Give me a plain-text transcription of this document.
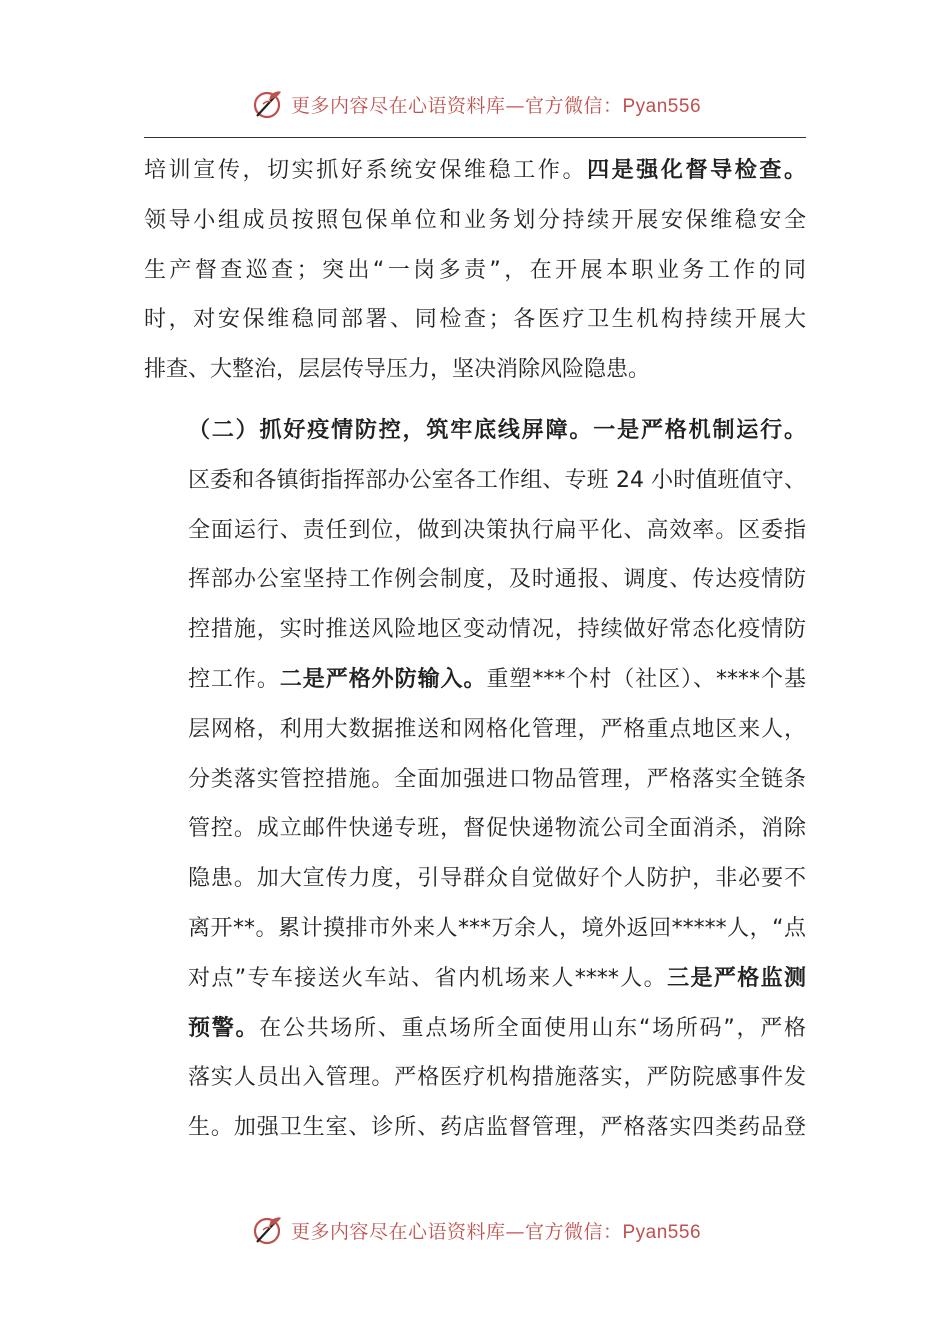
更多内容尽在心语资料库—官方微信：Pyan556
培训宣传，切实抓好系统安保维稳工作。四是强化督导检查。
领导小组成员按照包保单位和业务划分持续开展安保维稳安全
生产督查巡查；突出“一岗多责”，在开展本职业务工作的同
时，对安保维稳同部署、同检查；各医疗卫生机构持续开展大
排查、大整治，层层传导压力，坚决消除风险隐患。
（二）抓好疫情防控，筑牢底线屏障。一是严格机制运行。
区委和各镇街指挥部办公室各工作组、专班 24 小时值班值守、
全面运行、责任到位，做到决策执行扁平化、高效率。区委指
挥部办公室坚持工作例会制度，及时通报、调度、传达疫情防
控措施，实时推送风险地区变动情况，持续做好常态化疫情防
控工作。二是严格外防输入。重塑***个村（社区）、****个基
层网格，利用大数据推送和网格化管理，严格重点地区来人，
分类落实管控措施。全面加强进口物品管理，严格落实全链条
管控。成立邮件快递专班，督促快递物流公司全面消杀，消除
隐患。加大宣传力度，引导群众自觉做好个人防护，非必要不
离开**。累计摸排市外来人***万余人，境外返回*****人，“点
对点”专车接送火车站、省内机场来人****人。三是严格监测
预警。在公共场所、重点场所全面使用山东“场所码”，严格
落实人员出入管理。严格医疗机构措施落实，严防院感事件发
生。加强卫生室、诊所、药店监督管理，严格落实四类药品登
更多内容尽在心语资料库—官方微信：Pyan556
